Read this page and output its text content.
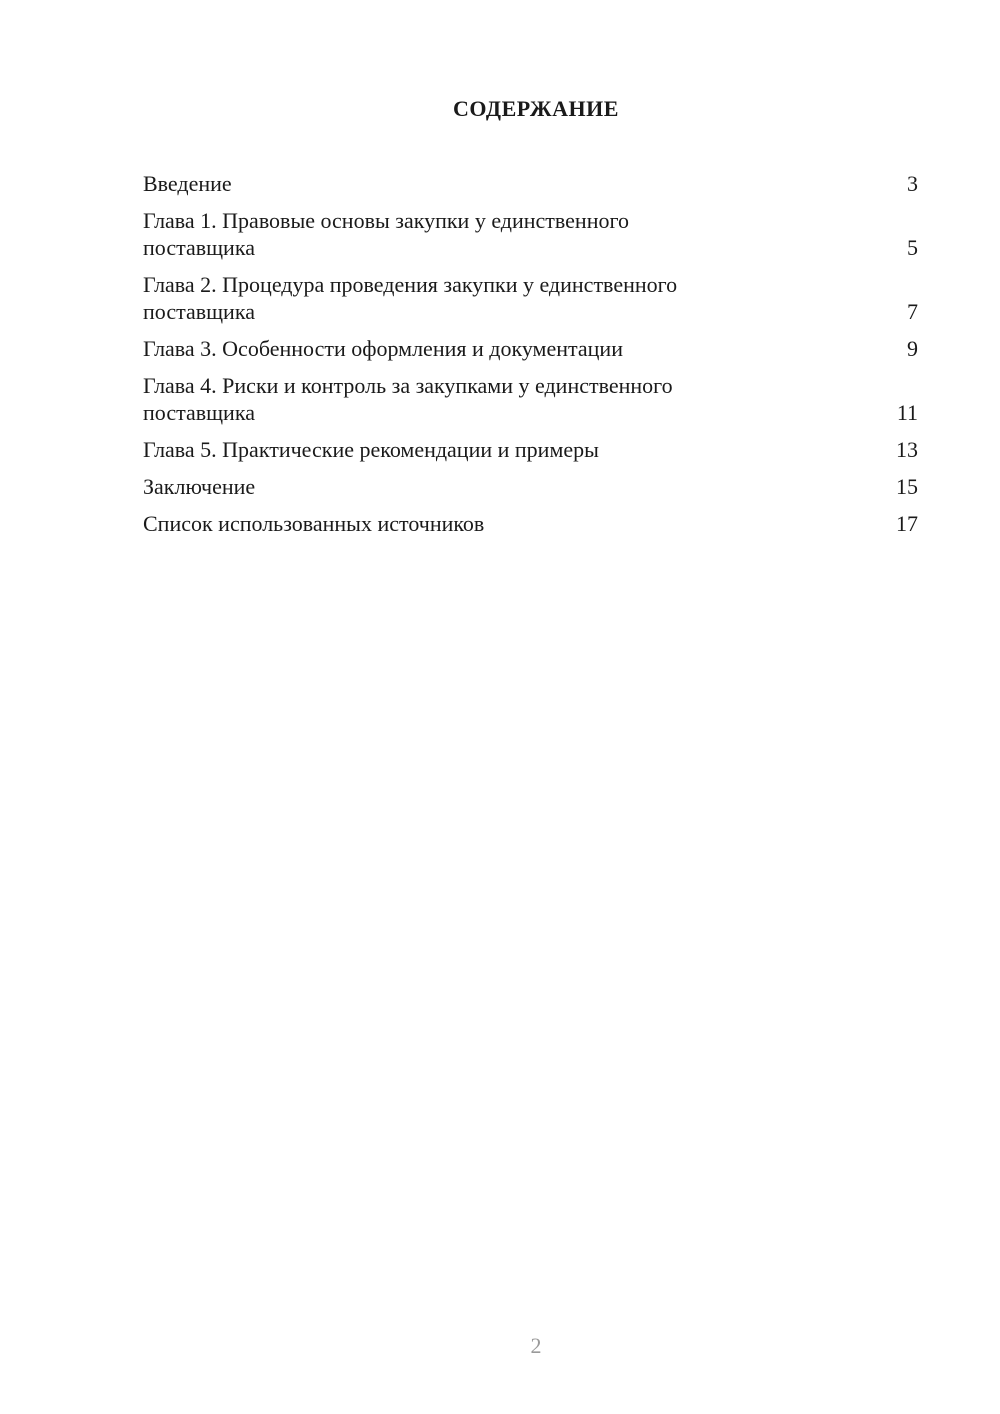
СОДЕРЖАНИЕ
Введение	3
Глава 1. Правовые основы закупки у единственного
поставщика	5
Глава 2. Процедура проведения закупки у единственного
поставщика	7
Глава 3. Особенности оформления и документации	9
Глава 4. Риски и контроль за закупками у единственного
поставщика	11
Глава 5. Практические рекомендации и примеры	13
Заключение	15
Список использованных источников	17
2
